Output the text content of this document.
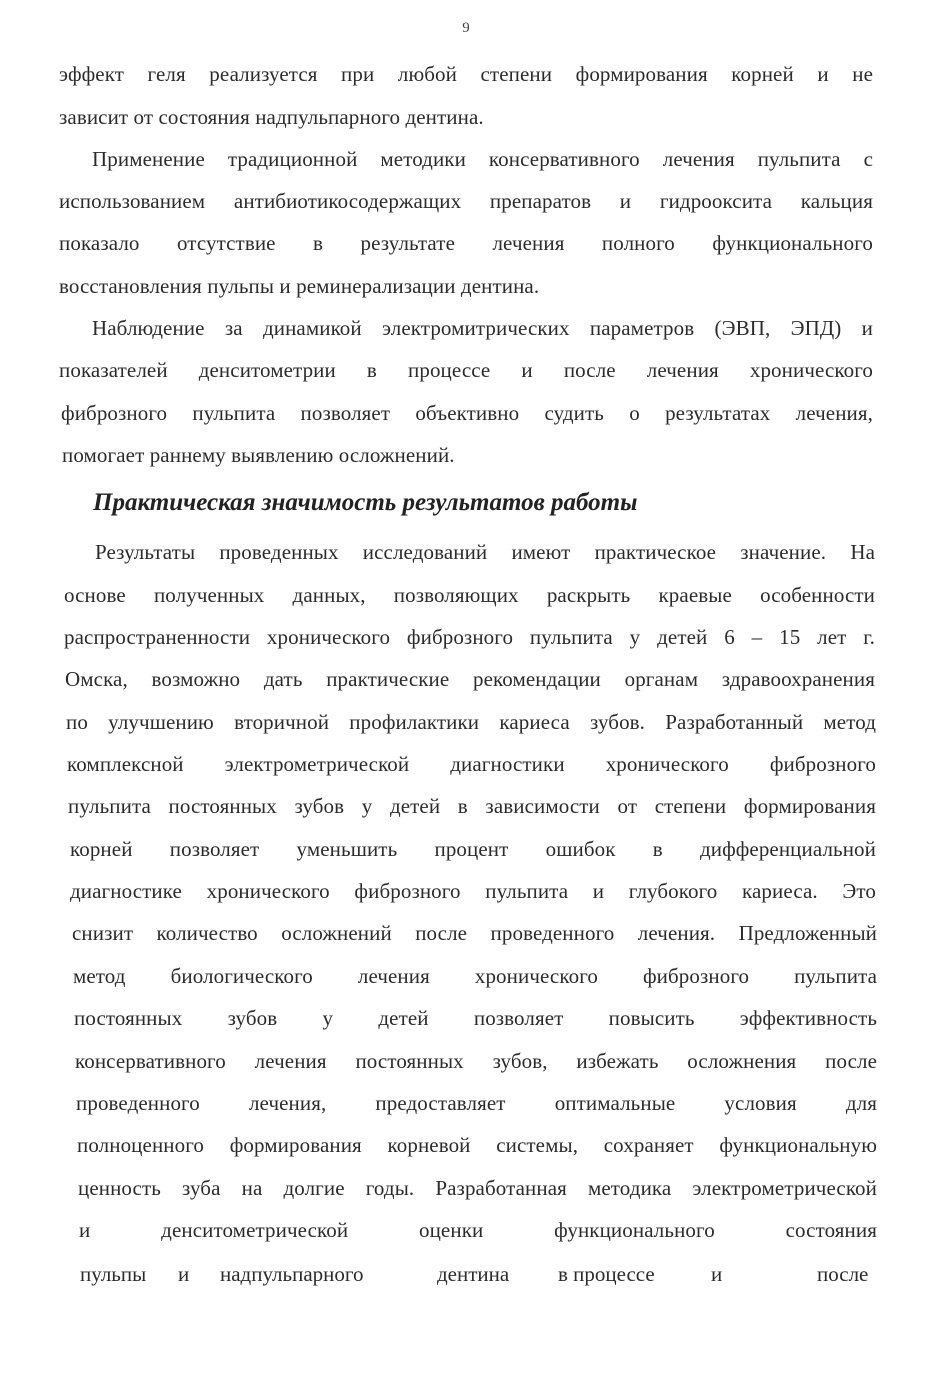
9
эффект геля реализуется при любой степени формирования корней и не
зависит от состояния надпульпарного дентина.
Применение традиционной методики консервативного лечения пульпита с
использованием антибиотикосодержащих препаратов и гидрооксита кальция
показало отсутствие в результате лечения полного функционального
восстановления пульпы и реминерализации дентина.
Наблюдение за динамикой электромитрических параметров (ЭВП, ЭПД) и
показателей денситометрии в процессе и после лечения хронического
фиброзного пульпита позволяет объективно судить о результатах лечения,
помогает раннему выявлению осложнений.
Практическая значимость результатов работы
Результаты проведенных исследований имеют практическое значение. На
основе полученных данных, позволяющих раскрыть краевые особенности
распространенности хронического фиброзного пульпита у детей 6 – 15 лет г.
Омска, возможно дать практические рекомендации органам здравоохранения
по улучшению вторичной профилактики кариеса зубов. Разработанный метод
комплексной электрометрической диагностики хронического фиброзного
пульпита постоянных зубов у детей в зависимости от степени формирования
корней позволяет уменьшить процент ошибок в дифференциальной
диагностике хронического фиброзного пульпита и глубокого кариеса. Это
снизит количество осложнений после проведенного лечения. Предложенный
метод биологического лечения хронического фиброзного пульпита
постоянных зубов у детей позволяет повысить эффективность
консервативного лечения постоянных зубов, избежать осложнения после
проведенного лечения, предоставляет оптимальные условия для
полноценного формирования корневой системы, сохраняет функциональную
ценность зуба на долгие годы. Разработанная методика электрометрической
и денситометрической оценки функционального состояния
пульпы и надпульпарного	дентина в процессе	и	после
